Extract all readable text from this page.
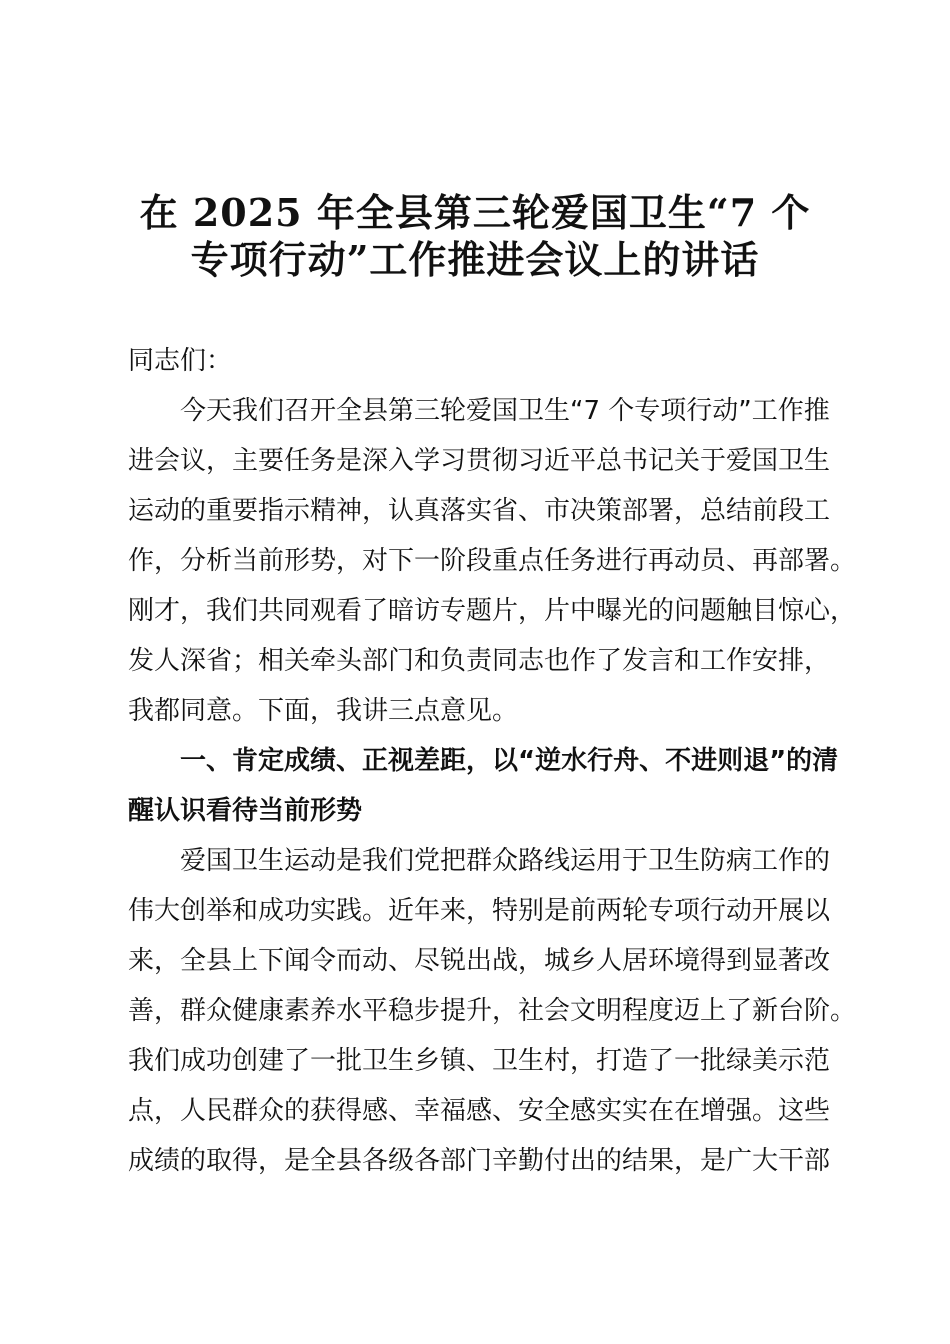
在 2025 年全县第三轮爱国卫生“7 个
专项行动”工作推进会议上的讲话
同志们：
今天我们召开全县第三轮爱国卫生“7 个专项行动”工作推
进会议，主要任务是深入学习贯彻习近平总书记关于爱国卫生
运动的重要指示精神，认真落实省、市决策部署，总结前段工
作，分析当前形势，对下一阶段重点任务进行再动员、再部署。
刚才，我们共同观看了暗访专题片，片中曝光的问题触目惊心，
发人深省；相关牵头部门和负责同志也作了发言和工作安排，
我都同意。下面，我讲三点意见。
一、肯定成绩、正视差距，以“逆水行舟、不进则退”的清
醒认识看待当前形势
爱国卫生运动是我们党把群众路线运用于卫生防病工作的
伟大创举和成功实践。近年来，特别是前两轮专项行动开展以
来，全县上下闻令而动、尽锐出战，城乡人居环境得到显著改
善，群众健康素养水平稳步提升，社会文明程度迈上了新台阶。
我们成功创建了一批卫生乡镇、卫生村，打造了一批绿美示范
点，人民群众的获得感、幸福感、安全感实实在在增强。这些
成绩的取得，是全县各级各部门辛勤付出的结果，是广大干部
